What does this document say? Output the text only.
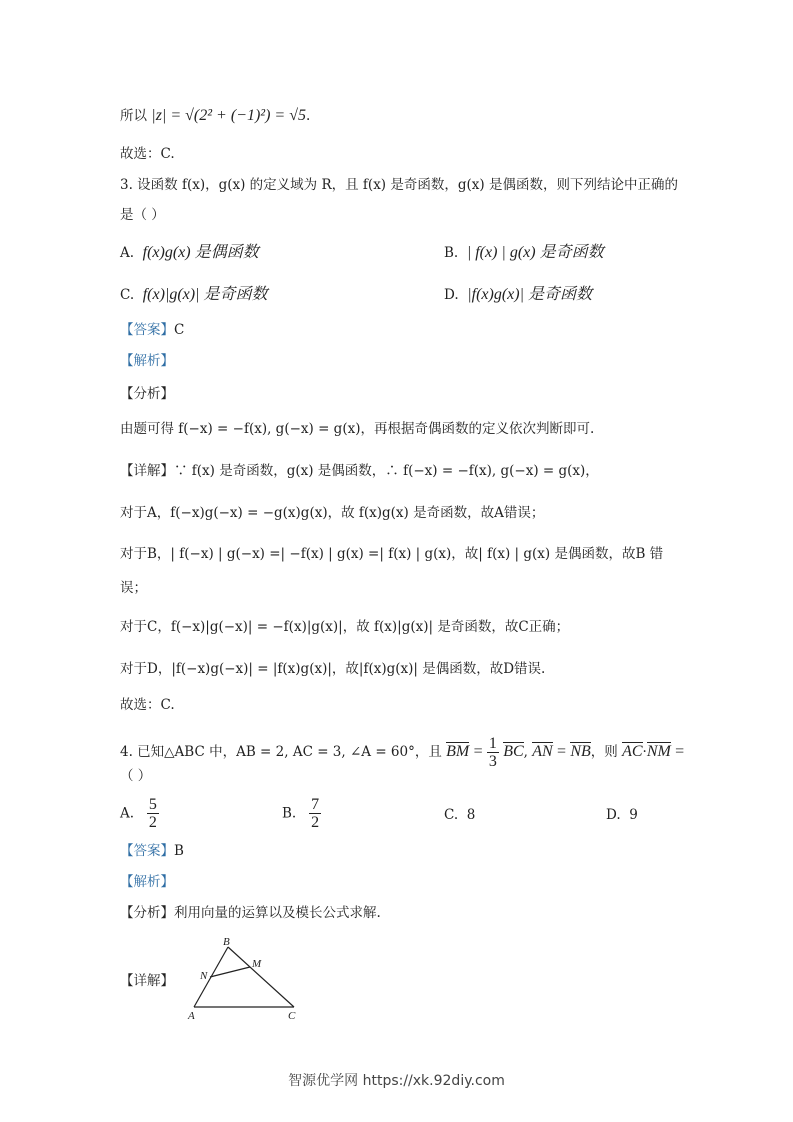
所以 |z| = √(2² + (−1)²) = √5.
故选：C.
3. 设函数 f(x)，g(x) 的定义域为 R，且 f(x) 是奇函数，g(x) 是偶函数，则下列结论中正确的
是（ ）
A. f(x)g(x) 是偶函数	B. | f(x) | g(x) 是奇函数
C. f(x)|g(x)| 是奇函数	D. |f(x)g(x)| 是奇函数
【答案】C
【解析】
【分析】
由题可得 f(−x) = −f(x), g(−x) = g(x)，再根据奇偶函数的定义依次判断即可.
【详解】∵ f(x) 是奇函数，g(x) 是偶函数，∴ f(−x) = −f(x), g(−x) = g(x)，
对于A，f(−x)g(−x) = −g(x)g(x)，故 f(x)g(x) 是奇函数，故A错误；
对于B，| f(−x) | g(−x) =| −f(x) | g(x) =| f(x) | g(x)，故| f(x) | g(x) 是偶函数，故B 错
误；
对于C，f(−x)|g(−x)| = −f(x)|g(x)|，故 f(x)|g(x)| 是奇函数，故C正确；
对于D，|f(−x)g(−x)| = |f(x)g(x)|，故|f(x)g(x)| 是偶函数，故D错误.
故选：C.
4. 已知△ABC 中，AB = 2, AC = 3, ∠A = 60°，且 BM = $\frac{1}{3}$ BC, AN = NB，则 AC·NM =
（ ）
A. $\frac{5}{2}$	B. $\frac{7}{2}$	C. 8	D. 9
【答案】B
【解析】
【分析】利用向量的运算以及模长公式求解.
【详解】
B
M
N
A	C
智源优学网 https://xk.92diy.com
